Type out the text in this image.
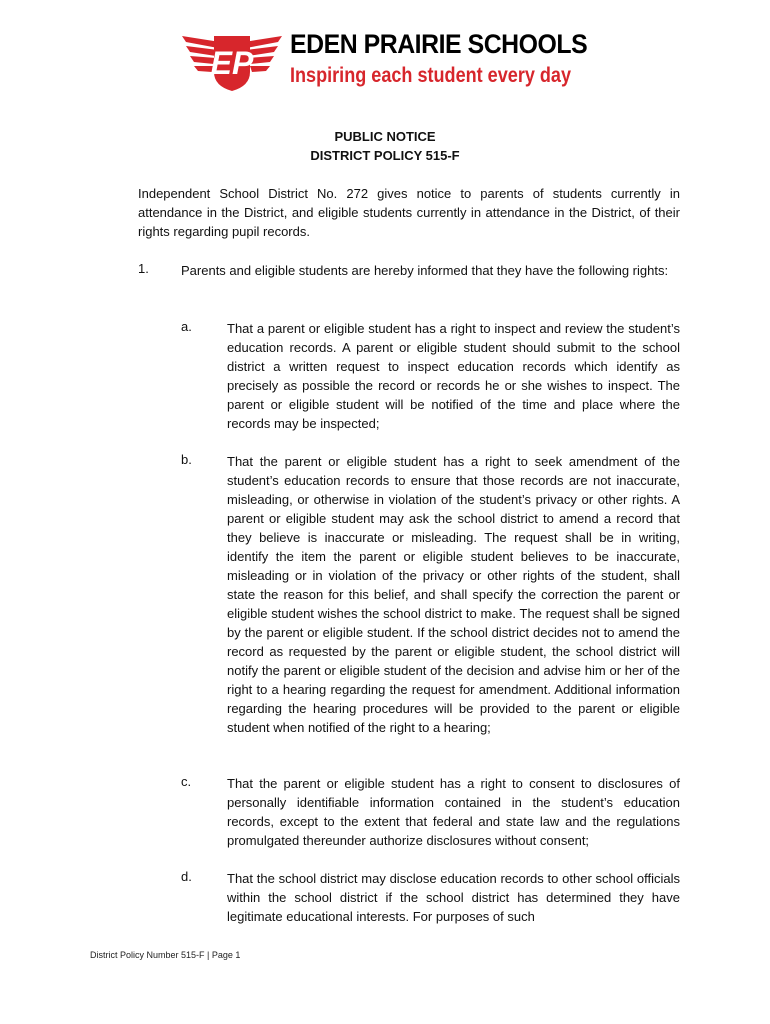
EP
EDEN PRAIRIE SCHOOLS
Inspiring each student every day
PUBLIC NOTICE
DISTRICT POLICY 515-F
Independent School District No. 272 gives notice to parents of students currently in attendance in the District, and eligible students currently in attendance in the District, of their rights regarding pupil records.
1. Parents and eligible students are hereby informed that they have the following rights:
a.	That a parent or eligible student has a right to inspect and review the student’s education records. A parent or eligible student should submit to the school district a written request to inspect education records which identify as precisely as possible the record or records he or she wishes to inspect. The parent or eligible student will be notified of the time and place where the records may be inspected;
b.	That the parent or eligible student has a right to seek amendment of the student’s education records to ensure that those records are not inaccurate, misleading, or otherwise in violation of the student’s privacy or other rights. A parent or eligible student may ask the school district to amend a record that they believe is inaccurate or misleading. The request shall be in writing, identify the item the parent or eligible student believes to be inaccurate, misleading or in violation of the privacy or other rights of the student, shall state the reason for this belief, and shall specify the correction the parent or eligible student wishes the school district to make. The request shall be signed by the parent or eligible student. If the school district decides not to amend the record as requested by the parent or eligible student, the school district will notify the parent or eligible student of the decision and advise him or her of the right to a hearing regarding the request for amendment. Additional information regarding the hearing procedures will be provided to the parent or eligible student when notified of the right to a hearing;
c.	That the parent or eligible student has a right to consent to disclosures of personally identifiable information contained in the student’s education records, except to the extent that federal and state law and the regulations promulgated thereunder authorize disclosures without consent;
d.	That the school district may disclose education records to other school officials within the school district if the school district has determined they have legitimate educational interests. For purposes of such
District Policy Number 515-F | Page 1
